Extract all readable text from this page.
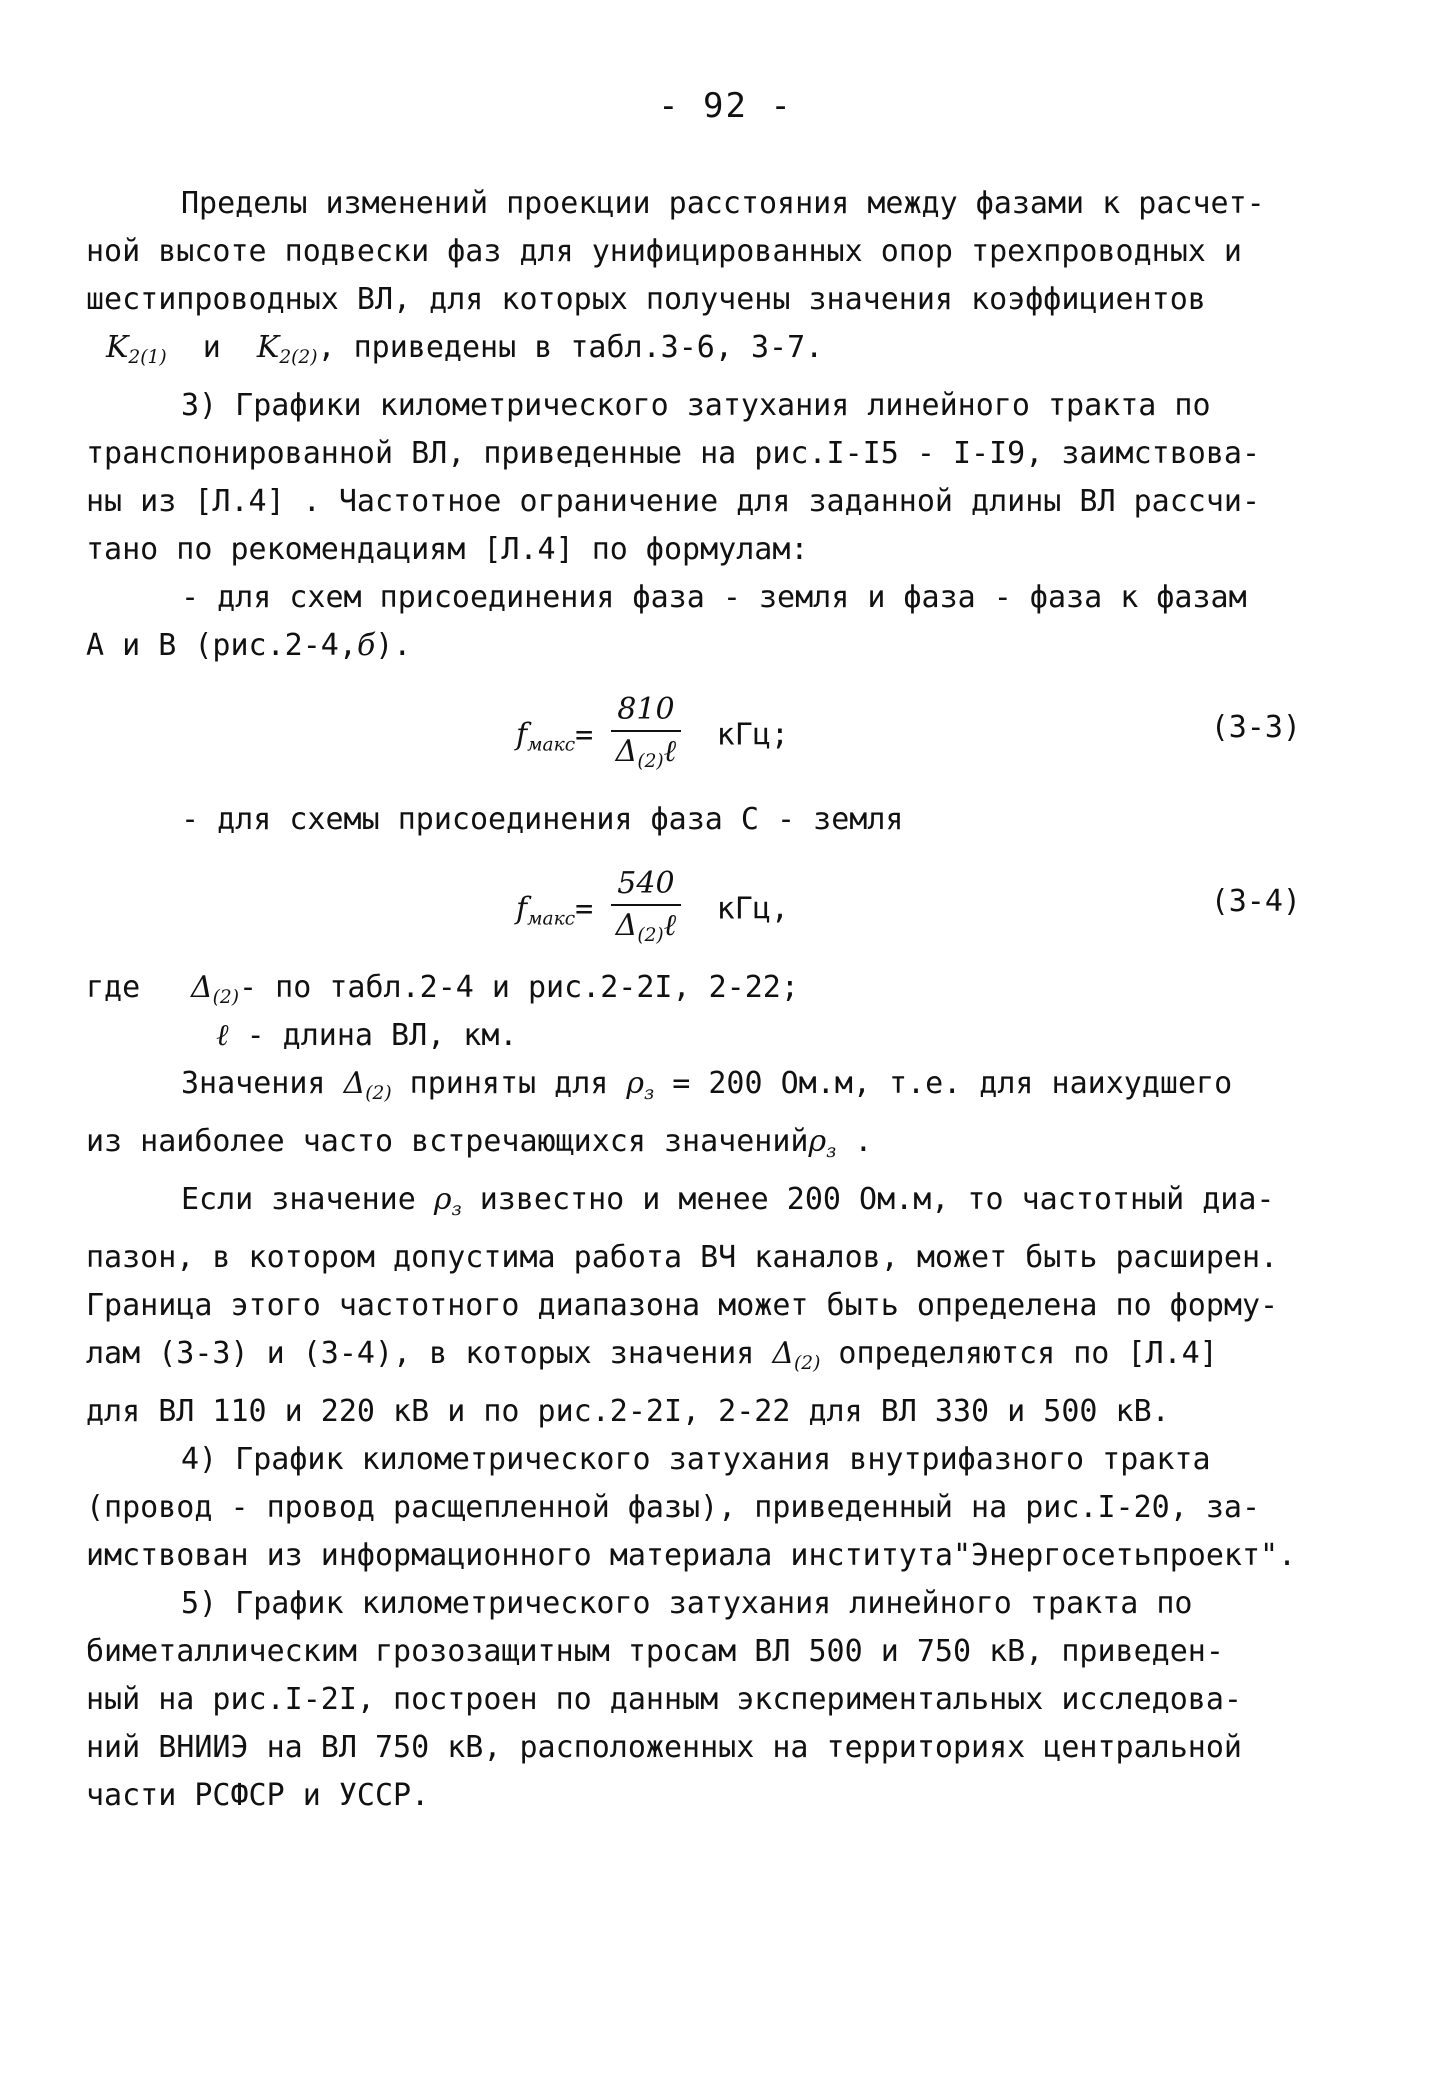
- 92 -
Пределы изменений проекции расстояния между фазами к расчет-
ной высоте подвески фаз для унифицированных опор трехпроводных и
шестипроводных ВЛ, для которых получены значения коэффициентов
$K_{2(1)}$ и $K_{2(2)}$, приведены в табл.3-6, 3-7.
3) Графики километрического затухания линейного тракта по
транспонированной ВЛ, приведенные на рис.I-I5 - I-I9, заимствова-
ны из [Л.4] . Частотное ограничение для заданной длины ВЛ рассчи-
тано по рекомендациям [Л.4] по формулам:
- для схем присоединения фаза - земля и фаза - фаза к фазам
А и В (рис.2-4,б).
$f_{макс}= \frac{810}{\Delta_{(2)}\ell}$ кГц;	(3-3)
- для схемы присоединения фаза С - земля
$f_{макс}= \frac{540}{\Delta_{(2)}\ell}$ кГц,	(3-4)
где $\Delta_{(2)}-$ по табл.2-4 и рис.2-2I, 2-22;
ℓ - длина ВЛ, км.
Значения $\Delta_{(2)}$ приняты для $\rho_з = 200$ Ом.м, т.е. для наихудшего
из наиболее часто встречающихся значенийρ$_з$ .
Если значение $\rho_з$ известно и менее 200 Ом.м, то частотный диа-
пазон, в котором допустима работа ВЧ каналов, может быть расширен.
Граница этого частотного диапазона может быть определена по форму-
лам (3-3) и (3-4), в которых значения $\Delta_{(2)}$ определяются по [Л.4]
для ВЛ 110 и 220 кВ и по рис.2-2I, 2-22 для ВЛ 330 и 500 кВ.
4) График километрического затухания внутрифазного тракта
(провод - провод расщепленной фазы), приведенный на рис.I-20, за-
имствован из информационного материала института"Энергосетьпроект".
5) График километрического затухания линейного тракта по
биметаллическим грозозащитным тросам ВЛ 500 и 750 кВ, приведен-
ный на рис.I-2I, построен по данным экспериментальных исследова-
ний ВНИИЭ на ВЛ 750 кВ, расположенных на территориях центральной
части РСФСР и УССР.
